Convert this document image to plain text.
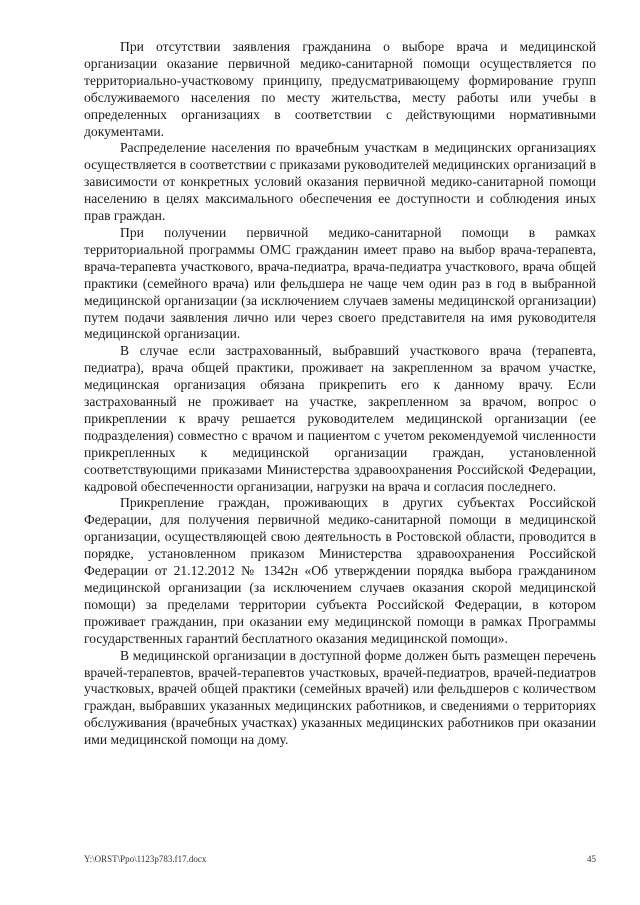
При отсутствии заявления гражданина о выборе врача и медицинской организации оказание первичной медико-санитарной помощи осуществляется по территориально-участковому принципу, предусматривающему формирование групп обслуживаемого населения по месту жительства, месту работы или учебы в определенных организациях в соответствии с действующими нормативными документами.

Распределение населения по врачебным участкам в медицинских организациях осуществляется в соответствии с приказами руководителей медицинских организаций в зависимости от конкретных условий оказания первичной медико-санитарной помощи населению в целях максимального обеспечения ее доступности и соблюдения иных прав граждан.

При получении первичной медико-санитарной помощи в рамках территориальной программы ОМС гражданин имеет право на выбор врача-терапевта, врача-терапевта участкового, врача-педиатра, врача-педиатра участкового, врача общей практики (семейного врача) или фельдшера не чаще чем один раз в год в выбранной медицинской организации (за исключением случаев замены медицинской организации) путем подачи заявления лично или через своего представителя на имя руководителя медицинской организации.

В случае если застрахованный, выбравший участкового врача (терапевта, педиатра), врача общей практики, проживает на закрепленном за врачом участке, медицинская организация обязана прикрепить его к данному врачу. Если застрахованный не проживает на участке, закрепленном за врачом, вопрос о прикреплении к врачу решается руководителем медицинской организации (ее подразделения) совместно с врачом и пациентом с учетом рекомендуемой численности прикрепленных к медицинской организации граждан, установленной соответствующими приказами Министерства здравоохранения Российской Федерации, кадровой обеспеченности организации, нагрузки на врача и согласия последнего.

Прикрепление граждан, проживающих в других субъектах Российской Федерации, для получения первичной медико-санитарной помощи в медицинской организации, осуществляющей свою деятельность в Ростовской области, проводится в порядке, установленном приказом Министерства здравоохранения Российской Федерации от 21.12.2012 № 1342н «Об утверждении порядка выбора гражданином медицинской организации (за исключением случаев оказания скорой медицинской помощи) за пределами территории субъекта Российской Федерации, в котором проживает гражданин, при оказании ему медицинской помощи в рамках Программы государственных гарантий бесплатного оказания медицинской помощи».

В медицинской организации в доступной форме должен быть размещен перечень врачей-терапевтов, врачей-терапевтов участковых, врачей-педиатров, врачей-педиатров участковых, врачей общей практики (семейных врачей) или фельдшеров с количеством граждан, выбравших указанных медицинских работников, и сведениями о территориях обслуживания (врачебных участках) указанных медицинских работников при оказании ими медицинской помощи на дому.

Y:\ORST\Ppo\1123p783.f17.docx	45
